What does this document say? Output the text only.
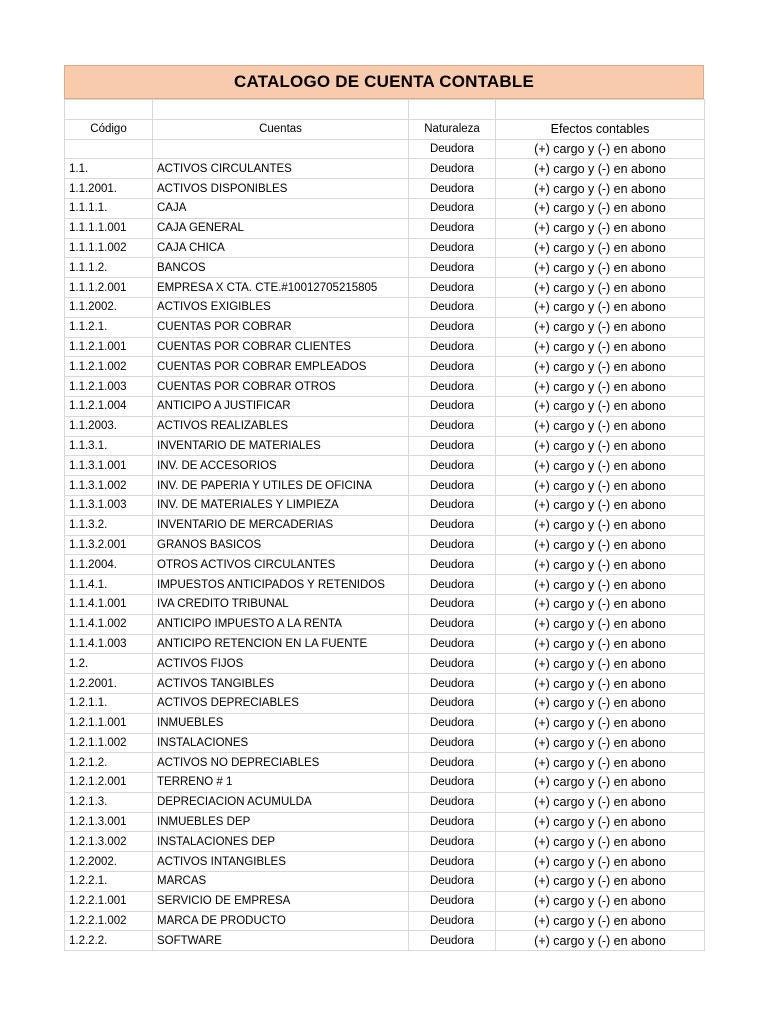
CATALOGO DE CUENTA CONTABLE

Código	Cuentas	Naturaleza	Efectos contables
		Deudora	(+) cargo y (-) en abono
1.1.	ACTIVOS CIRCULANTES	Deudora	(+) cargo y (-) en abono
1.1.2001.	ACTIVOS DISPONIBLES	Deudora	(+) cargo y (-) en abono
1.1.1.1.	CAJA	Deudora	(+) cargo y (-) en abono
1.1.1.1.001	CAJA GENERAL	Deudora	(+) cargo y (-) en abono
1.1.1.1.002	CAJA CHICA	Deudora	(+) cargo y (-) en abono
1.1.1.2.	BANCOS	Deudora	(+) cargo y (-) en abono
1.1.1.2.001	EMPRESA X CTA. CTE.#10012705215805	Deudora	(+) cargo y (-) en abono
1.1.2002.	ACTIVOS EXIGIBLES	Deudora	(+) cargo y (-) en abono
1.1.2.1.	CUENTAS POR COBRAR	Deudora	(+) cargo y (-) en abono
1.1.2.1.001	CUENTAS POR COBRAR CLIENTES	Deudora	(+) cargo y (-) en abono
1.1.2.1.002	CUENTAS POR COBRAR EMPLEADOS	Deudora	(+) cargo y (-) en abono
1.1.2.1.003	CUENTAS POR COBRAR OTROS	Deudora	(+) cargo y (-) en abono
1.1.2.1.004	ANTICIPO A JUSTIFICAR	Deudora	(+) cargo y (-) en abono
1.1.2003.	ACTIVOS REALIZABLES	Deudora	(+) cargo y (-) en abono
1.1.3.1.	INVENTARIO DE MATERIALES	Deudora	(+) cargo y (-) en abono
1.1.3.1.001	INV. DE ACCESORIOS	Deudora	(+) cargo y (-) en abono
1.1.3.1.002	INV. DE PAPERIA Y UTILES DE OFICINA	Deudora	(+) cargo y (-) en abono
1.1.3.1.003	INV. DE MATERIALES Y LIMPIEZA	Deudora	(+) cargo y (-) en abono
1.1.3.2.	INVENTARIO DE MERCADERIAS	Deudora	(+) cargo y (-) en abono
1.1.3.2.001	GRANOS BASICOS	Deudora	(+) cargo y (-) en abono
1.1.2004.	OTROS ACTIVOS CIRCULANTES	Deudora	(+) cargo y (-) en abono
1.1.4.1.	IMPUESTOS ANTICIPADOS Y RETENIDOS	Deudora	(+) cargo y (-) en abono
1.1.4.1.001	IVA CREDITO TRIBUNAL	Deudora	(+) cargo y (-) en abono
1.1.4.1.002	ANTICIPO IMPUESTO A LA RENTA	Deudora	(+) cargo y (-) en abono
1.1.4.1.003	ANTICIPO RETENCION EN LA FUENTE	Deudora	(+) cargo y (-) en abono
1.2.	ACTIVOS FIJOS	Deudora	(+) cargo y (-) en abono
1.2.2001.	ACTIVOS TANGIBLES	Deudora	(+) cargo y (-) en abono
1.2.1.1.	ACTIVOS DEPRECIABLES	Deudora	(+) cargo y (-) en abono
1.2.1.1.001	INMUEBLES	Deudora	(+) cargo y (-) en abono
1.2.1.1.002	INSTALACIONES	Deudora	(+) cargo y (-) en abono
1.2.1.2.	ACTIVOS NO DEPRECIABLES	Deudora	(+) cargo y (-) en abono
1.2.1.2.001	TERRENO # 1	Deudora	(+) cargo y (-) en abono
1.2.1.3.	DEPRECIACION ACUMULDA	Deudora	(+) cargo y (-) en abono
1.2.1.3.001	INMUEBLES DEP	Deudora	(+) cargo y (-) en abono
1.2.1.3.002	INSTALACIONES DEP	Deudora	(+) cargo y (-) en abono
1.2.2002.	ACTIVOS INTANGIBLES	Deudora	(+) cargo y (-) en abono
1.2.2.1.	MARCAS	Deudora	(+) cargo y (-) en abono
1.2.2.1.001	SERVICIO DE EMPRESA	Deudora	(+) cargo y (-) en abono
1.2.2.1.002	MARCA DE PRODUCTO	Deudora	(+) cargo y (-) en abono
1.2.2.2.	SOFTWARE	Deudora	(+) cargo y (-) en abono
